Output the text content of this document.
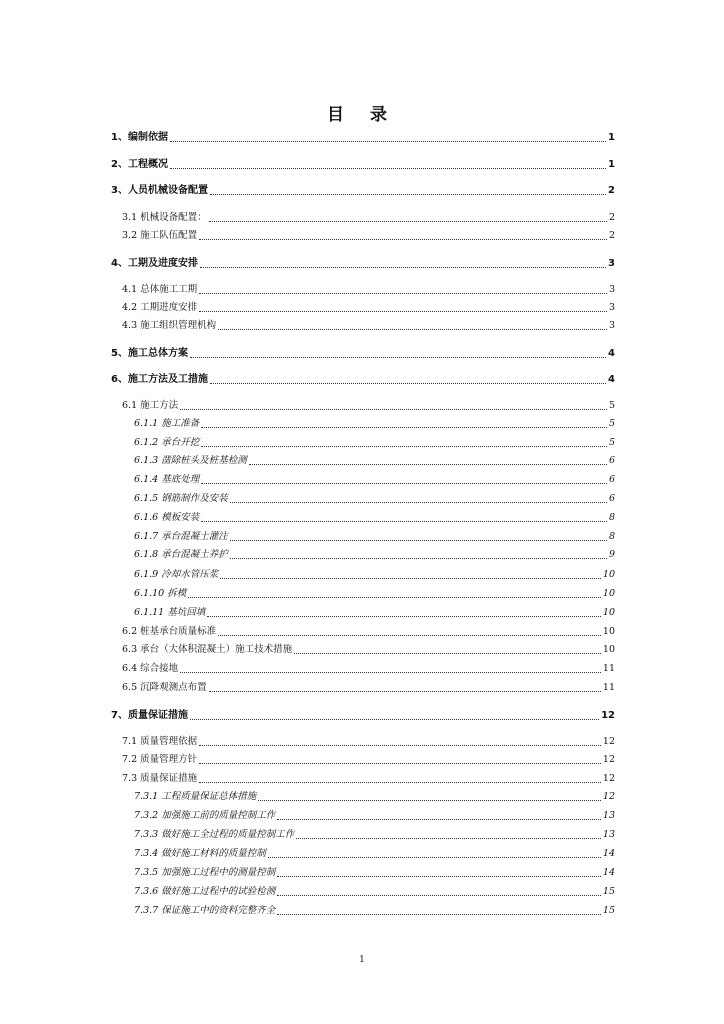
目 录
1、编制依据	1
2、工程概况	1
3、人员机械设备配置	2
3.1 机械设备配置：	2
3.2 施工队伍配置	2
4、工期及进度安排	3
4.1 总体施工工期	3
4.2 工期进度安排	3
4.3 施工组织管理机构	3
5、施工总体方案	4
6、施工方法及工措施	4
6.1 施工方法	5
6.1.1 施工准备	5
6.1.2 承台开挖	5
6.1.3 凿除桩头及桩基检测	6
6.1.4 基底处理	6
6.1.5 钢筋制作及安装	6
6.1.6 模板安装	8
6.1.7 承台混凝土灌注	8
6.1.8 承台混凝土养护	9
6.1.9 冷却水管压浆	10
6.1.10 拆模	10
6.1.11 基坑回填	10
6.2 桩基承台质量标准	10
6.3 承台（大体积混凝土）施工技术措施	10
6.4 综合接地	11
6.5 沉降观测点布置	11
7、质量保证措施	12
7.1 质量管理依据	12
7.2 质量管理方针	12
7.3 质量保证措施	12
7.3.1 工程质量保证总体措施	12
7.3.2 加强施工前的质量控制工作	13
7.3.3 做好施工全过程的质量控制工作	13
7.3.4 做好施工材料的质量控制	14
7.3.5 加强施工过程中的测量控制	14
7.3.6 做好施工过程中的试验检测	15
7.3.7 保证施工中的资料完整齐全	15
1
